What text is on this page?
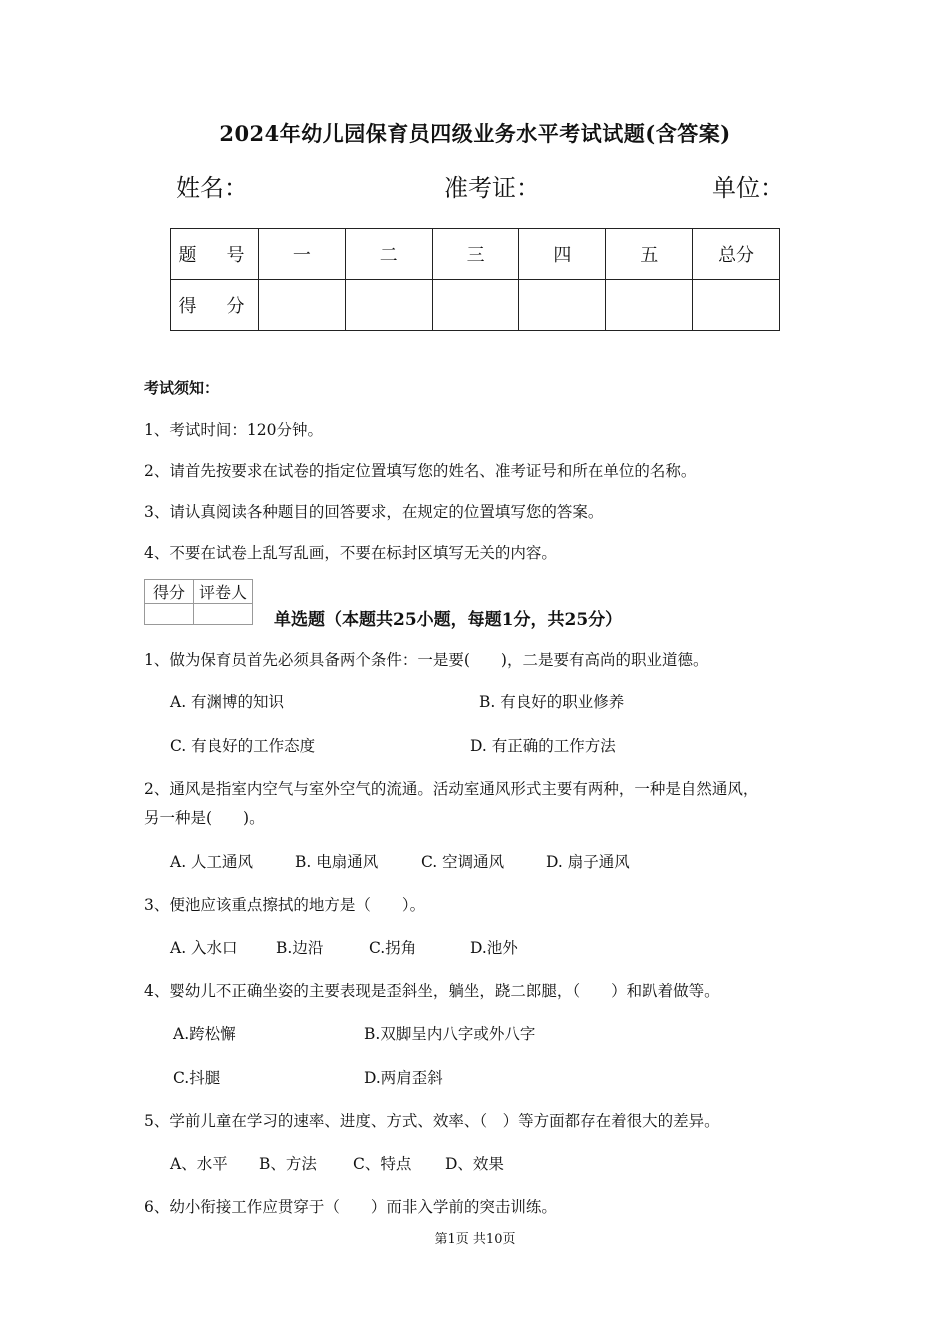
2024年幼儿园保育员四级业务水平考试试题(含答案)
姓名：	准考证：	单位：
题　号	一	二	三	四	五	总分
得　分						
考试须知：
1、考试时间：120分钟。
2、请首先按要求在试卷的指定位置填写您的姓名、准考证号和所在单位的名称。
3、请认真阅读各种题目的回答要求，在规定的位置填写您的答案。
4、不要在试卷上乱写乱画，不要在标封区填写无关的内容。
得分	评卷人

单选题（本题共25小题，每题1分，共25分）
1、做为保育员首先必须具备两个条件：一是要(　　)，二是要有高尚的职业道德。
A. 有渊博的知识	B. 有良好的职业修养
C. 有良好的工作态度	D. 有正确的工作方法
2、通风是指室内空气与室外空气的流通。活动室通风形式主要有两种，一种是自然通风，
另一种是(　　)。
A. 人工通风	B. 电扇通风	C. 空调通风	D. 扇子通风
3、便池应该重点擦拭的地方是（　　）。
A. 入水口 B.边沿	C.拐角	D.池外
4、婴幼儿不正确坐姿的主要表现是歪斜坐，躺坐，跷二郎腿，（　　）和趴着做等。
A.跨松懈	B.双脚呈内八字或外八字
C.抖腿	D.两肩歪斜
5、学前儿童在学习的速率、进度、方式、效率、（　）等方面都存在着很大的差异。
A、水平 B、方法 C、特点 D、效果
6、幼小衔接工作应贯穿于（　　）而非入学前的突击训练。
第1页 共10页
